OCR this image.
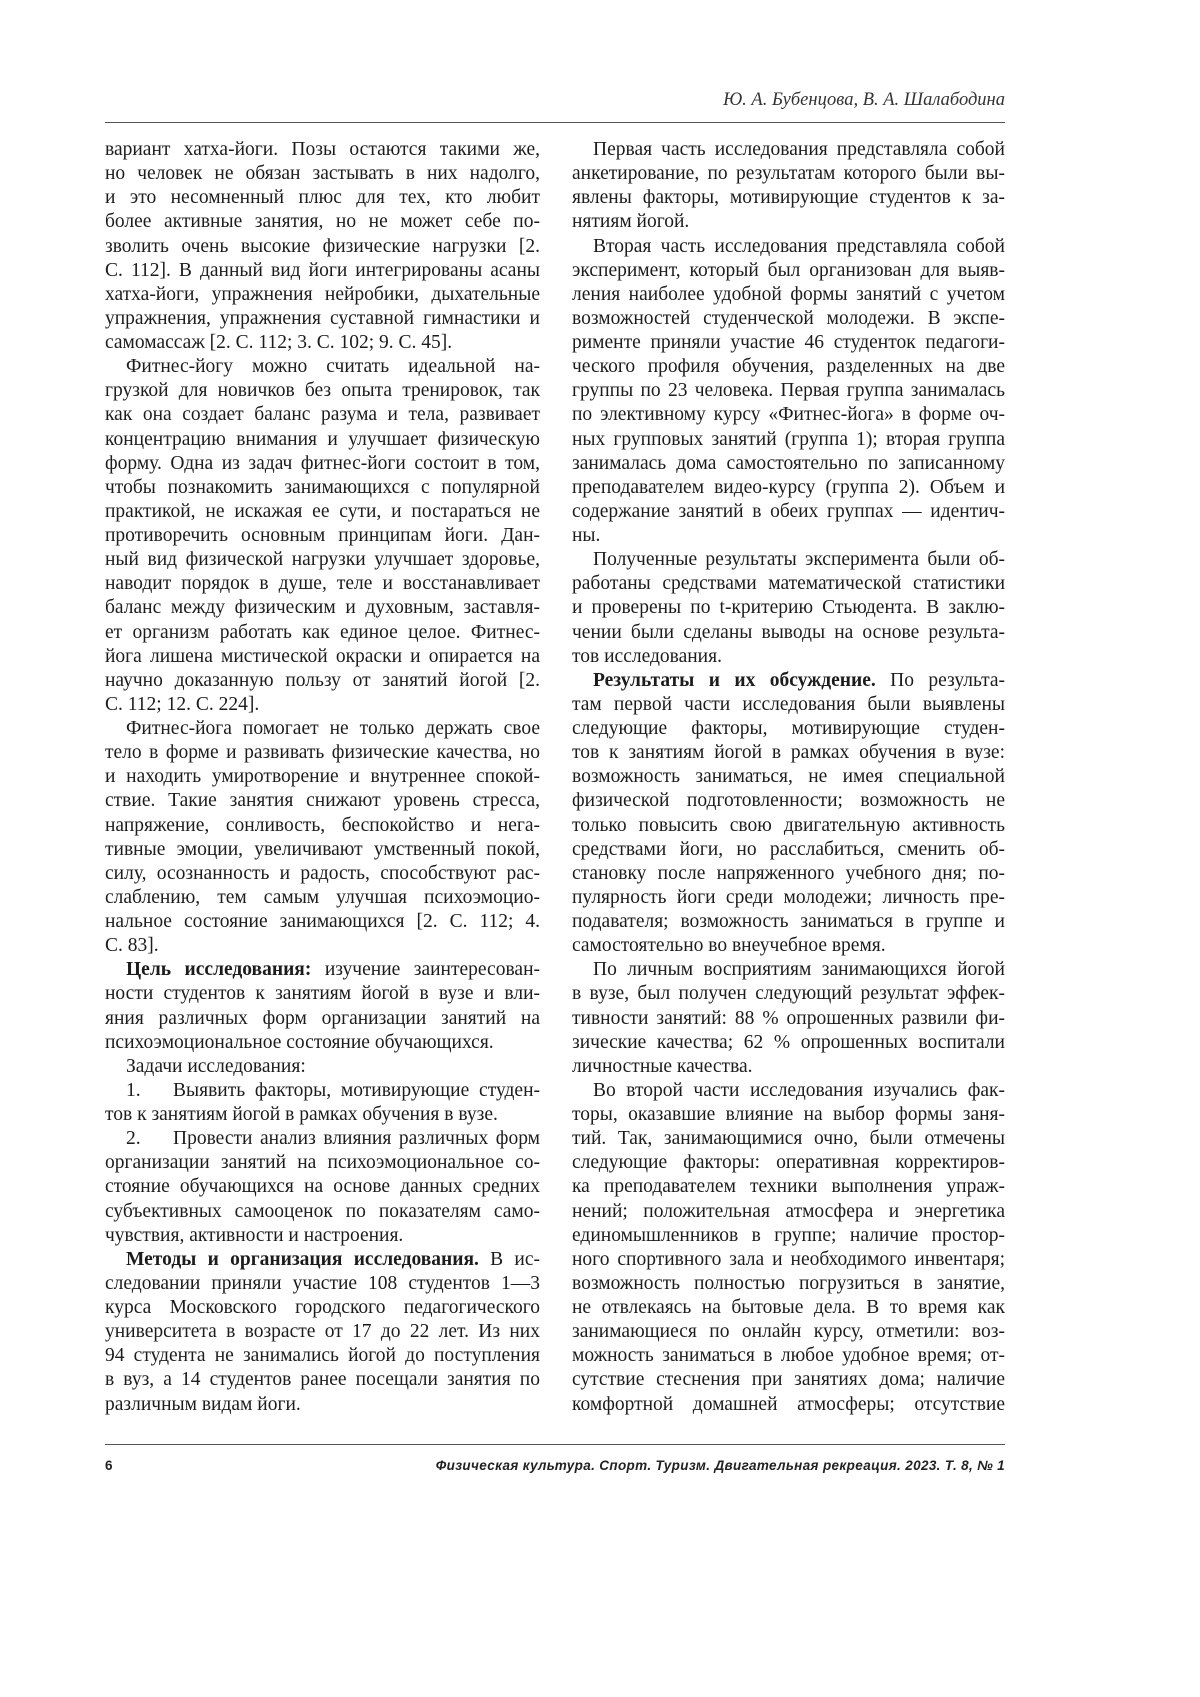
Ю. А. Бубенцова, В. А. Шалабодина
вариант хатха-йоги. Позы остаются такими же,
но человек не обязан застывать в них надолго,
и это несомненный плюс для тех, кто любит
более активные занятия, но не может себе по-
зволить очень высокие физические нагрузки [2.
С. 112]. В данный вид йоги интегрированы асаны
хатха-йоги, упражнения нейробики, дыхательные
упражнения, упражнения суставной гимнастики и
самомассаж [2. С. 112; 3. С. 102; 9. С. 45].
Фитнес-йогу можно считать идеальной на-
грузкой для новичков без опыта тренировок, так
как она создает баланс разума и тела, развивает
концентрацию внимания и улучшает физическую
форму. Одна из задач фитнес-йоги состоит в том,
чтобы познакомить занимающихся с популярной
практикой, не искажая ее сути, и постараться не
противоречить основным принципам йоги. Дан-
ный вид физической нагрузки улучшает здоровье,
наводит порядок в душе, теле и восстанавливает
баланс между физическим и духовным, заставля-
ет организм работать как единое целое. Фитнес-
йога лишена мистической окраски и опирается на
научно доказанную пользу от занятий йогой [2.
С. 112; 12. С. 224].
Фитнес-йога помогает не только держать свое
тело в форме и развивать физические качества, но
и находить умиротворение и внутреннее спокой-
ствие. Такие занятия снижают уровень стресса,
напряжение, сонливость, беспокойство и нега-
тивные эмоции, увеличивают умственный покой,
силу, осознанность и радость, способствуют рас-
слаблению, тем самым улучшая психоэмоцио-
нальное состояние занимающихся [2. С. 112; 4.
С. 83].
Цель исследования: изучение заинтересован-
ности студентов к занятиям йогой в вузе и вли-
яния различных форм организации занятий на
психоэмоциональное состояние обучающихся.
Задачи исследования:
1. Выявить факторы, мотивирующие студен-
тов к занятиям йогой в рамках обучения в вузе.
2. Провести анализ влияния различных форм
организации занятий на психоэмоциональное со-
стояние обучающихся на основе данных средних
субъективных самооценок по показателям само-
чувствия, активности и настроения.
Методы и организация исследования. В ис-
следовании приняли участие 108 студентов 1—3
курса Московского городского педагогического
университета в возрасте от 17 до 22 лет. Из них
94 студента не занимались йогой до поступления
в вуз, а 14 студентов ранее посещали занятия по
различным видам йоги.
Первая часть исследования представляла собой
анкетирование, по результатам которого были вы-
явлены факторы, мотивирующие студентов к за-
нятиям йогой.
Вторая часть исследования представляла собой
эксперимент, который был организован для выяв-
ления наиболее удобной формы занятий с учетом
возможностей студенческой молодежи. В экспе-
рименте приняли участие 46 студенток педагоги-
ческого профиля обучения, разделенных на две
группы по 23 человека. Первая группа занималась
по элективному курсу «Фитнес-йога» в форме оч-
ных групповых занятий (группа 1); вторая группа
занималась дома самостоятельно по записанному
преподавателем видео-курсу (группа 2). Объем и
содержание занятий в обеих группах — идентич-
ны.
Полученные результаты эксперимента были об-
работаны средствами математической статистики
и проверены по t-критерию Стьюдента. В заклю-
чении были сделаны выводы на основе результа-
тов исследования.
Результаты и их обсуждение. По результа-
там первой части исследования были выявлены
следующие факторы, мотивирующие студен-
тов к занятиям йогой в рамках обучения в вузе:
возможность заниматься, не имея специальной
физической подготовленности; возможность не
только повысить свою двигательную активность
средствами йоги, но расслабиться, сменить об-
становку после напряженного учебного дня; по-
пулярность йоги среди молодежи; личность пре-
подавателя; возможность заниматься в группе и
самостоятельно во внеучебное время.
По личным восприятиям занимающихся йогой
в вузе, был получен следующий результат эффек-
тивности занятий: 88 % опрошенных развили фи-
зические качества; 62 % опрошенных воспитали
личностные качества.
Во второй части исследования изучались фак-
торы, оказавшие влияние на выбор формы заня-
тий. Так, занимающимися очно, были отмечены
следующие факторы: оперативная корректиров-
ка преподавателем техники выполнения упраж-
нений; положительная атмосфера и энергетика
единомышленников в группе; наличие простор-
ного спортивного зала и необходимого инвентаря;
возможность полностью погрузиться в занятие,
не отвлекаясь на бытовые дела. В то время как
занимающиеся по онлайн курсу, отметили: воз-
можность заниматься в любое удобное время; от-
сутствие стеснения при занятиях дома; наличие
комфортной домашней атмосферы; отсутствие
6	Физическая культура. Спорт. Туризм. Двигательная рекреация. 2023. Т. 8, № 1
